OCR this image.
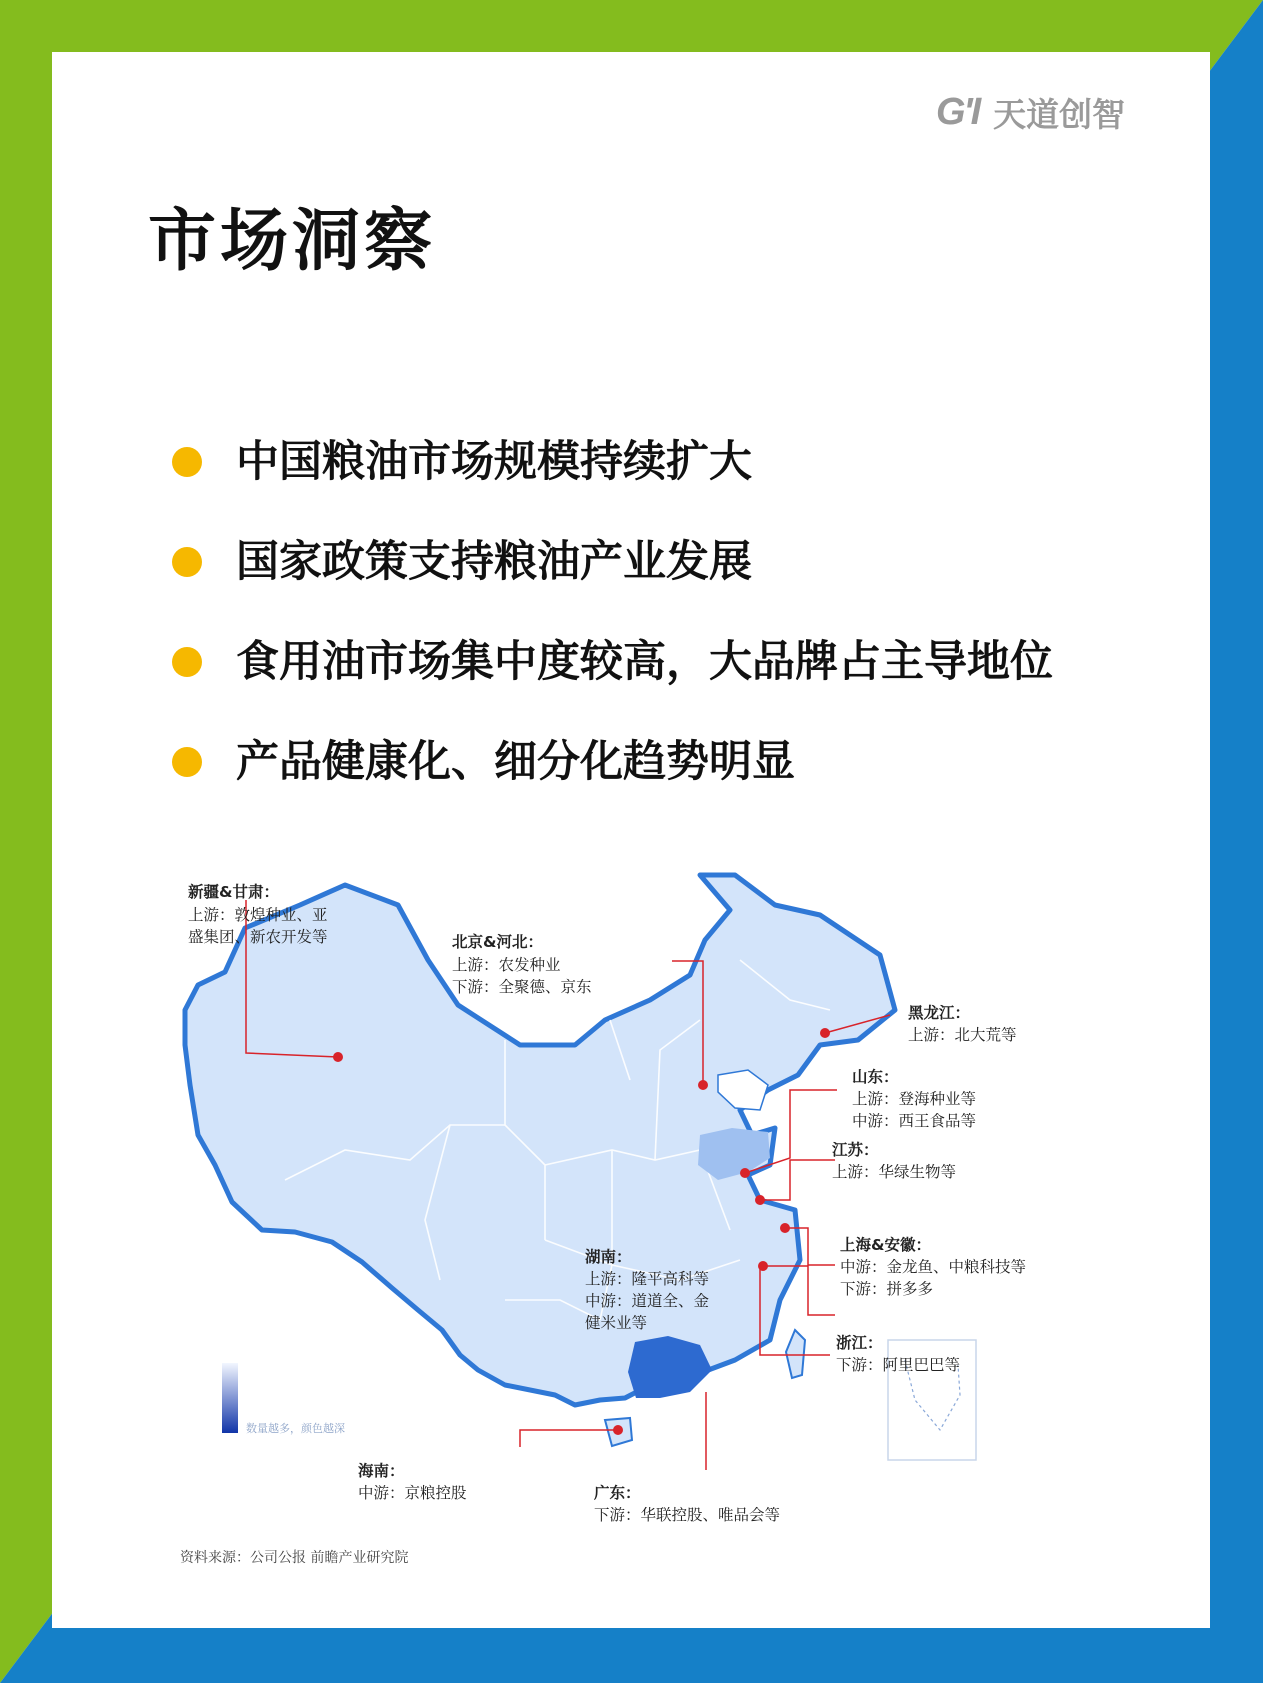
G'I 天道创智
市场洞察
中国粮油市场规模持续扩大
国家政策支持粮油产业发展
食用油市场集中度较高，大品牌占主导地位
产品健康化、细分化趋势明显
数量越多，颜色越深
新疆&甘肃：
上游：敦煌种业、亚
盛集团、新农开发等	北京&河北：
上游：农发种业
下游：全聚德、京东
黑龙江：
上游：北大荒等
山东：
上游：登海种业等
中游：西王食品等
江苏：
上游：华绿生物等
上海&安徽：
中游：金龙鱼、中粮科技等
下游：拼多多
湖南：
上游：隆平高科等
中游：道道全、金
健米业等
浙江：
下游：阿里巴巴等
海南：
中游：京粮控股	广东：
下游：华联控股、唯品会等
资料来源：公司公报 前瞻产业研究院
